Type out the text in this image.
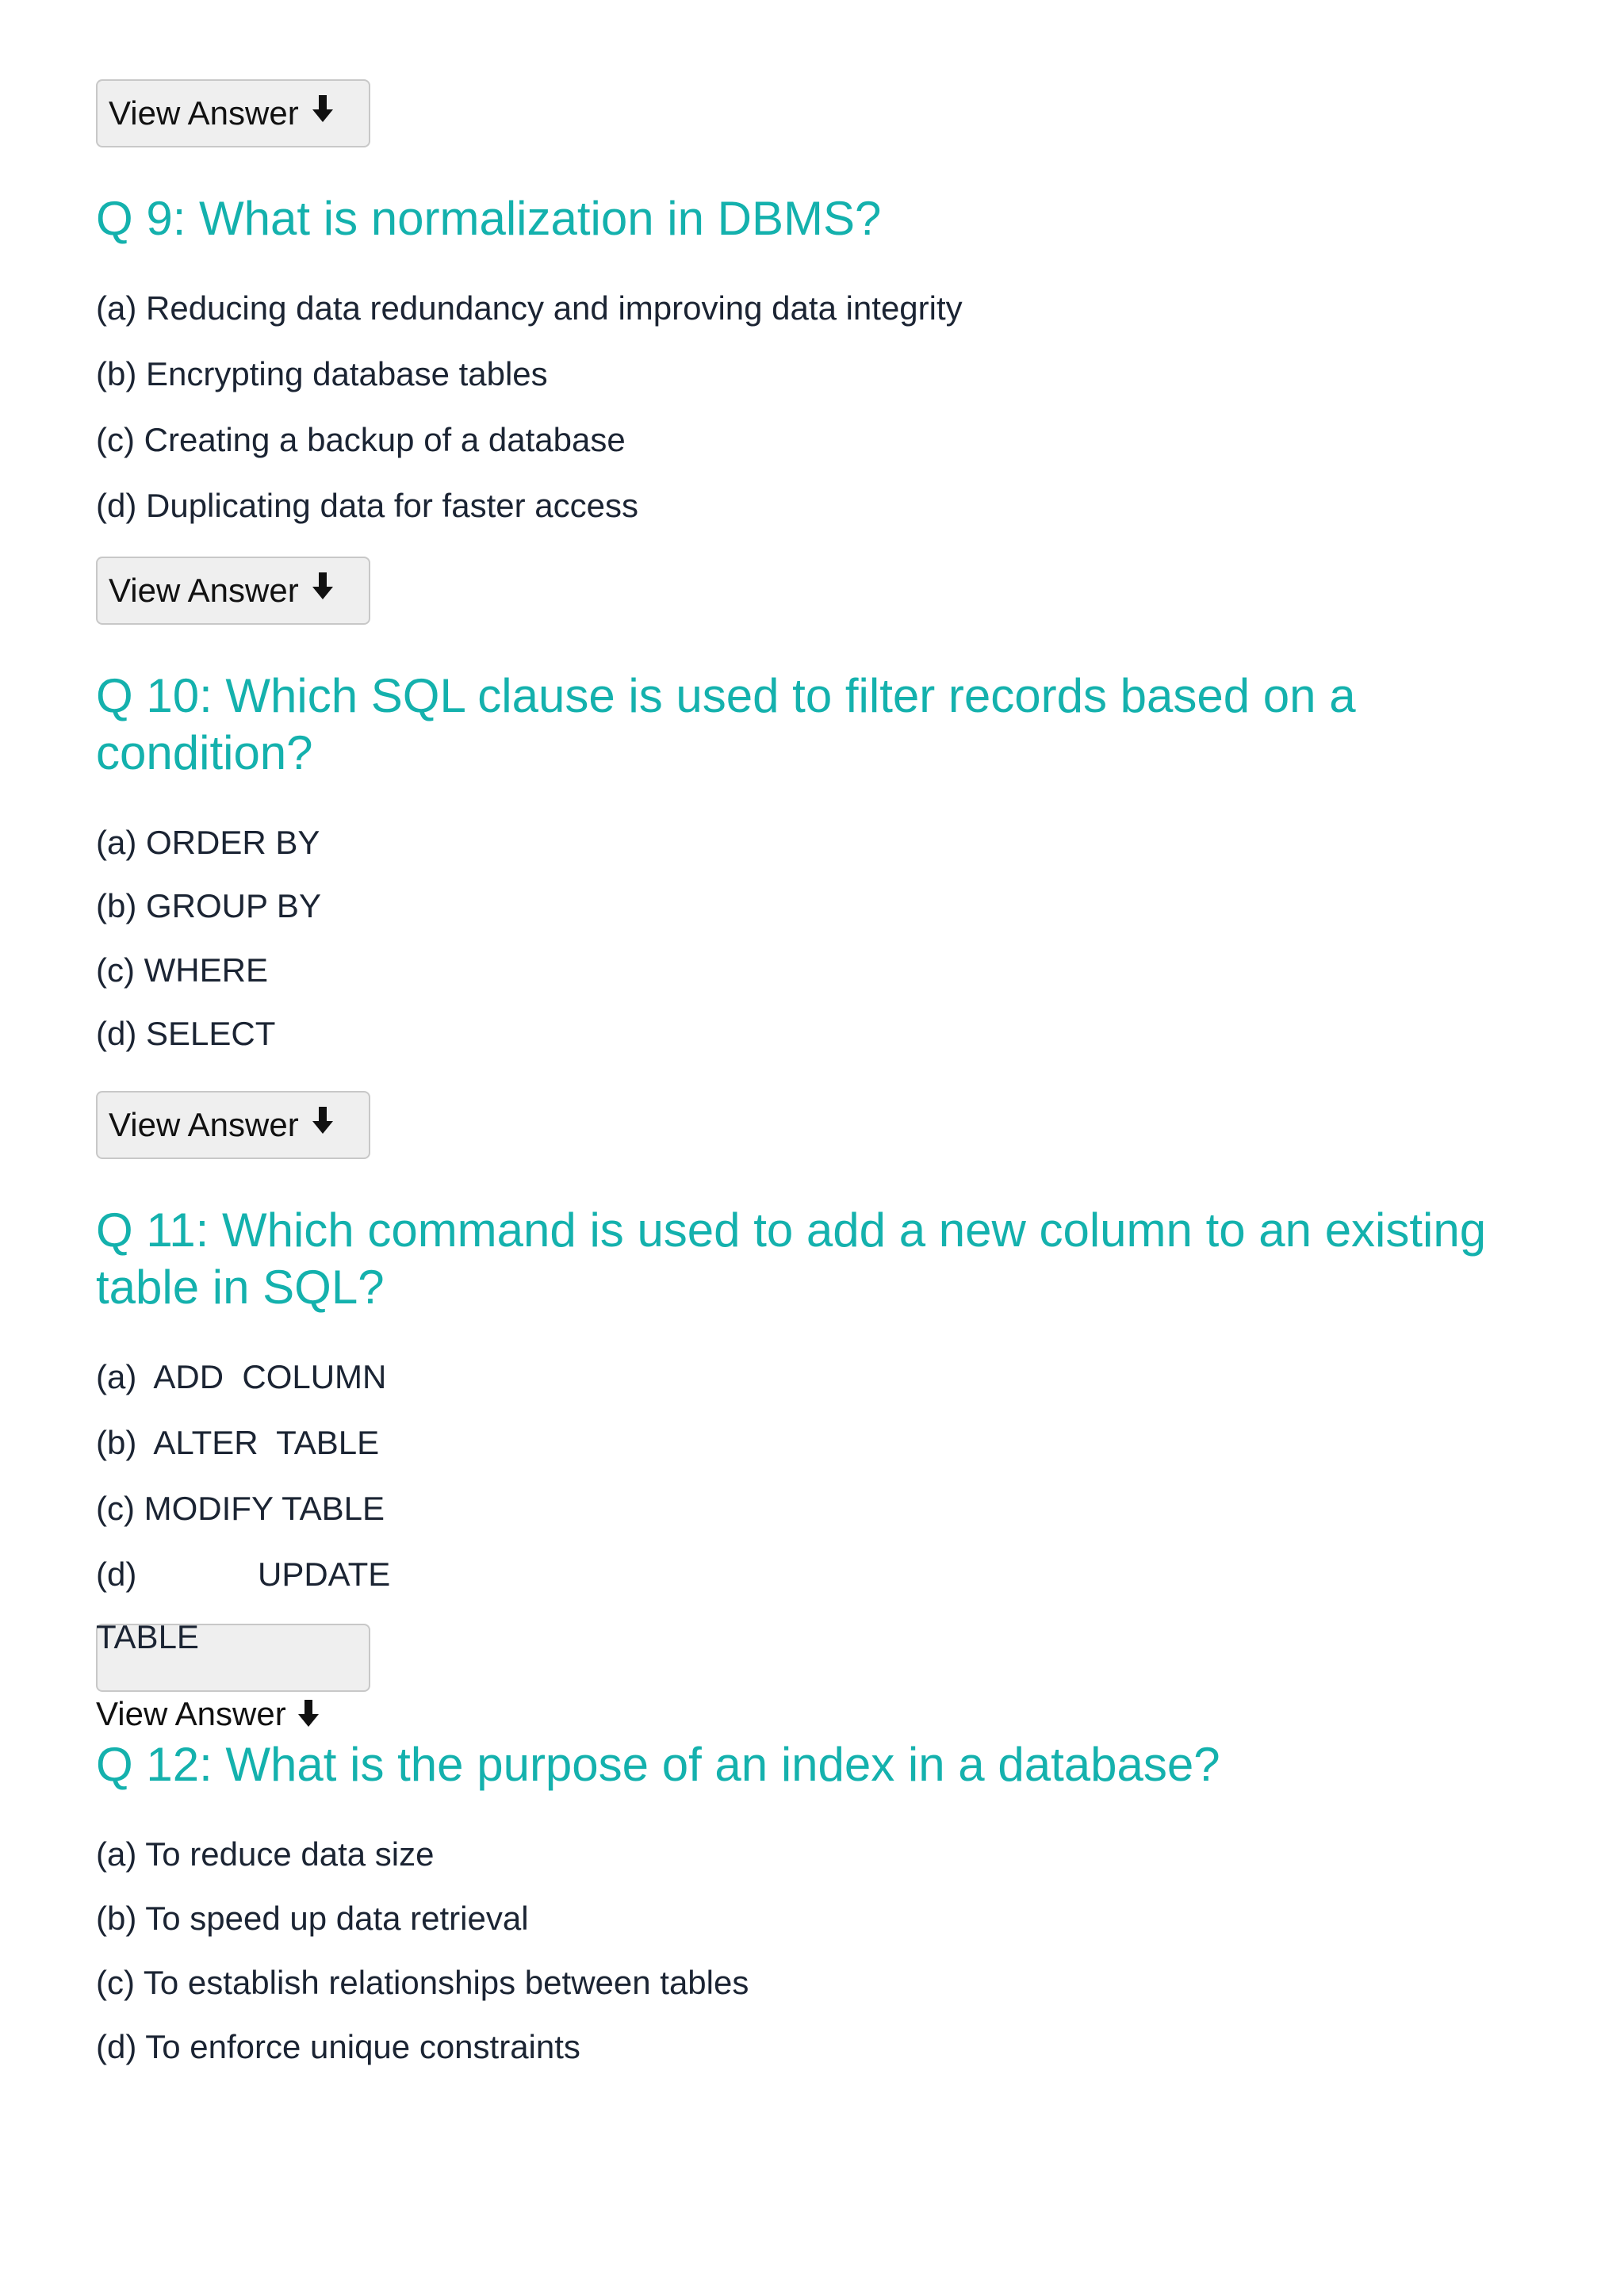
View Answer
Q 9: What is normalization in DBMS?
(a) Reducing data redundancy and improving data integrity
(b) Encrypting database tables
(c) Creating a backup of a database
(d) Duplicating data for faster access
View Answer
Q 10: Which SQL clause is used to filter records based on a condition?
(a) ORDER BY
(b) GROUP BY
(c) WHERE
(d) SELECT
View Answer
Q 11: Which command is used to add a new column to an existing table in SQL?
(a)  ADD  COLUMN
(b)  ALTER  TABLE
(c) MODIFY TABLE
(d)	UPDATE
TABLE
View Answer
Q 12: What is the purpose of an index in a database?
(a) To reduce data size
(b) To speed up data retrieval
(c) To establish relationships between tables
(d) To enforce unique constraints
